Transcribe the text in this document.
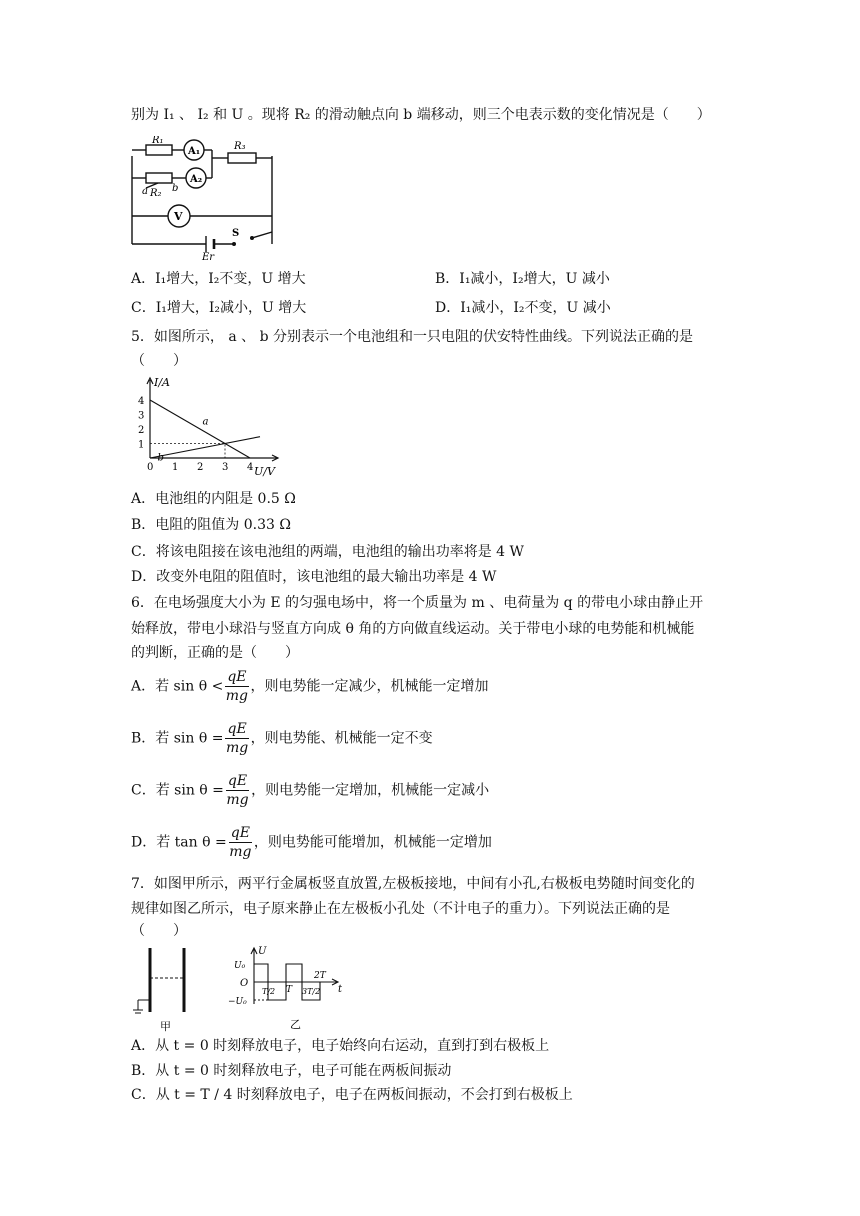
别为 I₁ 、 I₂ 和 U 。现将 R₂ 的滑动触点向 b 端移动，则三个电表示数的变化情况是（　　）
R₁
A₁	R₃
a R₂ b
A₂
V
S
Er
A．I₁增大，I₂不变，U 增大	B．I₁减小，I₂增大，U 减小
C．I₁增大，I₂减小，U 增大	D．I₁减小，I₂不变，U 减小
5．如图所示， a 、 b 分别表示一个电池组和一只电阻的伏安特性曲线。下列说法正确的是
（　　）
0 1 2 3 4
1
2
3
4
a
b
I/A
U/V
A．电池组的内阻是 0.5 Ω
B．电阻的阻值为 0.33 Ω
C．将该电阻接在该电池组的两端，电池组的输出功率将是 4 W
D．改变外电阻的阻值时，该电池组的最大输出功率是 4 W
6．在电场强度大小为 E 的匀强电场中，将一个质量为 m 、电荷量为 q 的带电小球由静止开
始释放，带电小球沿与竖直方向成 θ 角的方向做直线运动。关于带电小球的电势能和机械能
的判断，正确的是（　　）
A．若 $\sin \theta < \frac{qE}{mg}$ ，则电势能一定减少，机械能一定增加
B．若 $\sin \theta = \frac{qE}{mg}$ ，则电势能、机械能一定不变
C．若 $\sin \theta = \frac{qE}{mg}$ ，则电势能一定增加，机械能一定减小
D．若 $\tan \theta = \frac{qE}{mg}$ ，则电势能可能增加，机械能一定增加
7．如图甲所示，两平行金属板竖直放置,左极板接地，中间有小孔,右极板电势随时间变化的
规律如图乙所示，电子原来静止在左极板小孔处（不计电子的重力）。下列说法正确的是
（　　）
甲
U
U₀
O
−U₀
t
T/2 T 3T/2
2T
乙
A．从 t = 0 时刻释放电子，电子始终向右运动，直到打到右极板上
B．从 t = 0 时刻释放电子，电子可能在两板间振动
C．从 t = T / 4 时刻释放电子，电子在两板间振动，不会打到右极板上
